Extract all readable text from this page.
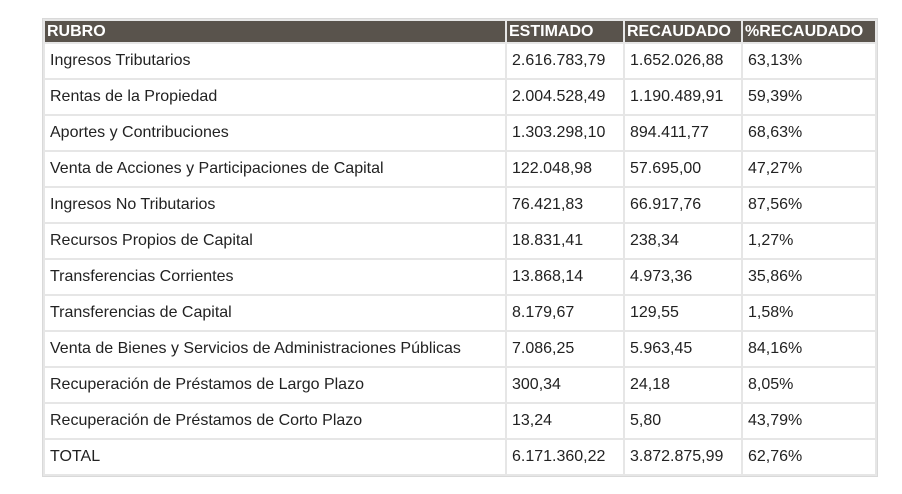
RUBRO	ESTIMADO	RECAUDADO	%RECAUDADO
Ingresos Tributarios	2.616.783,79	1.652.026,88	63,13%
Rentas de la Propiedad	2.004.528,49	1.190.489,91	59,39%
Aportes y Contribuciones	1.303.298,10	894.411,77	68,63%
Venta de Acciones y Participaciones de Capital	122.048,98	57.695,00	47,27%
Ingresos No Tributarios	76.421,83	66.917,76	87,56%
Recursos Propios de Capital	18.831,41	238,34	1,27%
Transferencias Corrientes	13.868,14	4.973,36	35,86%
Transferencias de Capital	8.179,67	129,55	1,58%
Venta de Bienes y Servicios de Administraciones Públicas	7.086,25	5.963,45	84,16%
Recuperación de Préstamos de Largo Plazo	300,34	24,18	8,05%
Recuperación de Préstamos de Corto Plazo	13,24	5,80	43,79%
TOTAL	6.171.360,22	3.872.875,99	62,76%
